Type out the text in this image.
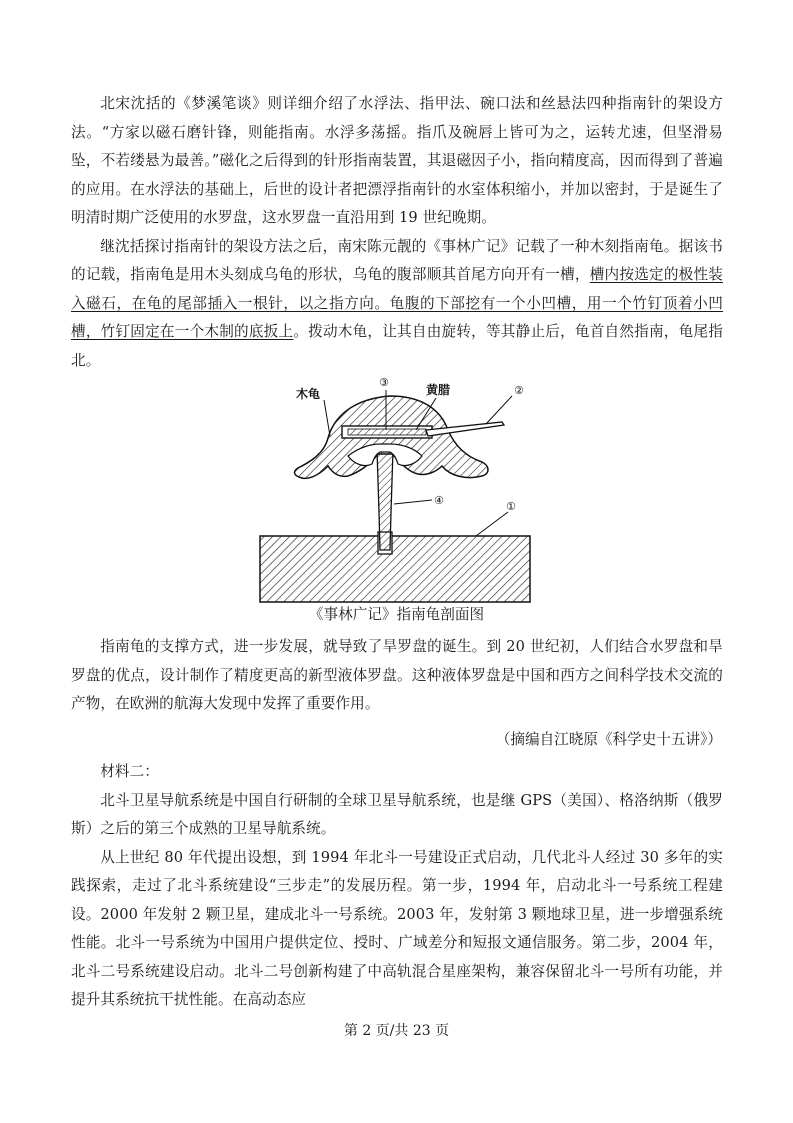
北宋沈括的《梦溪笔谈》则详细介绍了水浮法、指甲法、碗口法和丝悬法四种指南针的架设方法。“方家以磁石磨针锋，则能指南。水浮多荡摇。指爪及碗唇上皆可为之，运转尤速，但坚滑易坠，不若缕悬为最善。”磁化之后得到的针形指南装置，其退磁因子小，指向精度高，因而得到了普遍的应用。在水浮法的基础上，后世的设计者把漂浮指南针的水室体积缩小，并加以密封，于是诞生了明清时期广泛使用的水罗盘，这水罗盘一直沿用到 19 世纪晚期。

继沈括探讨指南针的架设方法之后，南宋陈元靓的《事林广记》记载了一种木刻指南龟。据该书的记载，指南龟是用木头刻成乌龟的形状，乌龟的腹部顺其首尾方向开有一槽，槽内按选定的极性装入磁石，在龟的尾部插入一根针，以之指方向。龟腹的下部挖有一个小凹槽，用一个竹钉顶着小凹槽，竹钉固定在一个木制的底扳上。拨动木龟，让其自由旋转，等其静止后，龟首自然指南，龟尾指北。

木龟	黄腊
③
②
④	①
《事林广记》指南龟剖面图

指南龟的支撑方式，进一步发展，就导致了旱罗盘的诞生。到 20 世纪初，人们结合水罗盘和旱罗盘的优点，设计制作了精度更高的新型液体罗盘。这种液体罗盘是中国和西方之间科学技术交流的产物，在欧洲的航海大发现中发挥了重要作用。

（摘编自江晓原《科学史十五讲》）

材料二：

北斗卫星导航系统是中国自行研制的全球卫星导航系统，也是继 GPS（美国）、格洛纳斯（俄罗斯）之后的第三个成熟的卫星导航系统。

从上世纪 80 年代提出设想，到 1994 年北斗一号建设正式启动，几代北斗人经过 30 多年的实践探索，走过了北斗系统建设“三步走”的发展历程。第一步，1994 年，启动北斗一号系统工程建设。2000 年发射 2 颗卫星，建成北斗一号系统。2003 年，发射第 3 颗地球卫星，进一步增强系统性能。北斗一号系统为中国用户提供定位、授时、广域差分和短报文通信服务。第二步，2004 年，北斗二号系统建设启动。北斗二号创新构建了中高轨混合星座架构，兼容保留北斗一号所有功能，并提升其系统抗干扰性能。在高动态应

第 2 页/共 23 页
